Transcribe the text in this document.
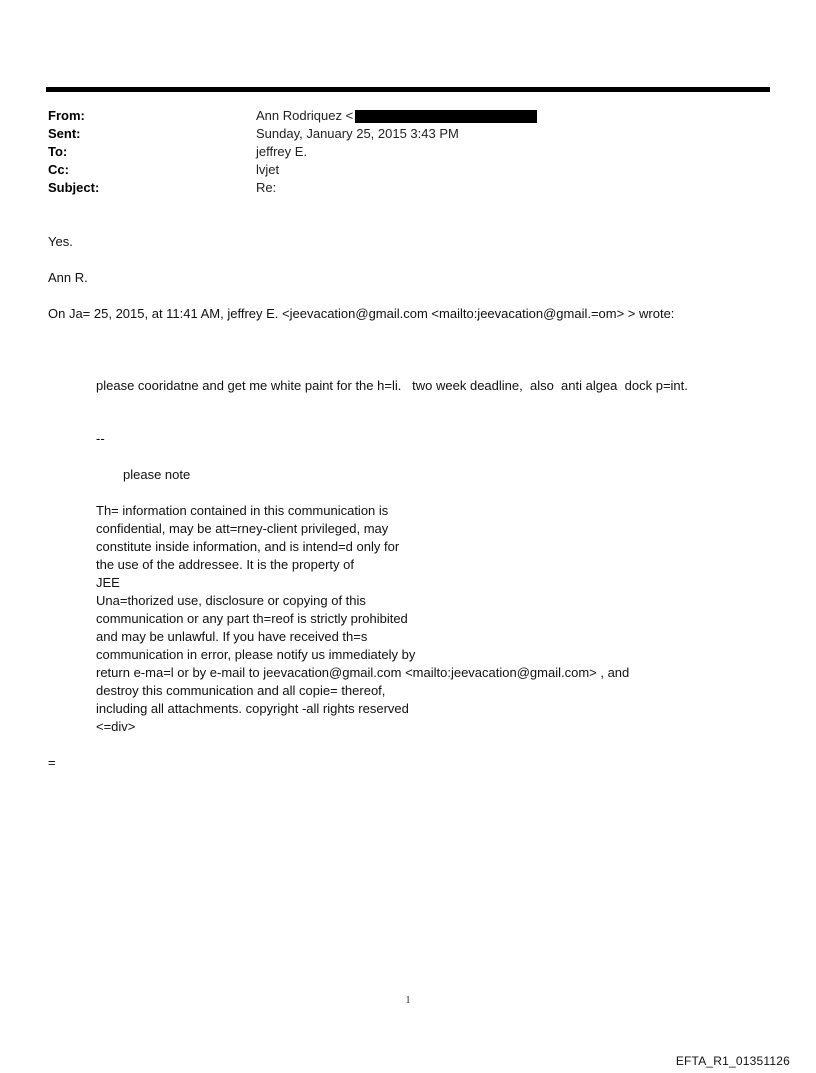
From:	Ann Rodriquez <
Sent:	Sunday, January 25, 2015 3:43 PM
To:	jeffrey E.
Cc:	lvjet
Subject:	Re:
Yes.
Ann R.
On Ja= 25, 2015, at 11:41 AM, jeffrey E. <jeevacation@gmail.com <mailto:jeevacation@gmail.=om> > wrote:
please cooridatne and get me white paint for the h=li.   two week deadline,  also  anti algea  dock p=int.
--
please note
Th= information contained in this communication is
confidential, may be att=rney-client privileged, may
constitute inside information, and is intend=d only for
the use of the addressee. It is the property of
JEE
Una=thorized use, disclosure or copying of this
communication or any part th=reof is strictly prohibited
and may be unlawful. If you have received th=s
communication in error, please notify us immediately by
return e-ma=l or by e-mail to jeevacation@gmail.com <mailto:jeevacation@gmail.com> , and
destroy this communication and all copie= thereof,
including all attachments. copyright -all rights reserved
<=div>
=
1
EFTA_R1_01351126
